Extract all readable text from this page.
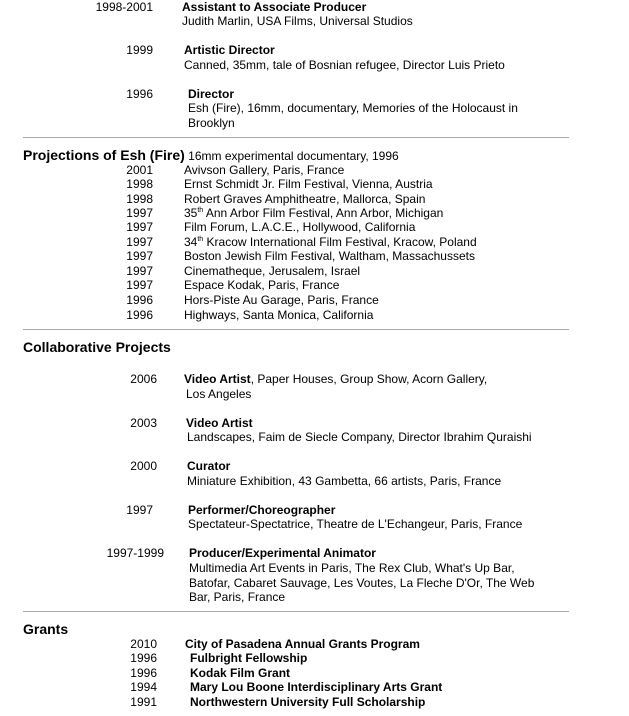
1998-2001 Assistant to Associate Producer
Judith Marlin, USA Films, Universal Studios
1999	Artistic Director
Canned, 35mm, tale of Bosnian refugee, Director Luis Prieto
1996	Director
Esh (Fire), 16mm, documentary, Memories of the Holocaust in
Brooklyn
Projections of Esh (Fire) 16mm experimental documentary, 1996
2001	Avivson Gallery, Paris, France
1998	Ernst Schmidt Jr. Film Festival, Vienna, Austria
1998	Robert Graves Amphitheatre, Mallorca, Spain
1997	35th Ann Arbor Film Festival, Ann Arbor, Michigan
1997	Film Forum, L.A.C.E., Hollywood, California
1997	34th Kracow International Film Festival, Kracow, Poland
1997	Boston Jewish Film Festival, Waltham, Massachussets
1997	Cinematheque, Jerusalem, Israel
1997	Espace Kodak, Paris, France
1996	Hors-Piste Au Garage, Paris, France
1996	Highways, Santa Monica, California
Collaborative Projects
2006 Video Artist, Paper Houses, Group Show, Acorn Gallery,
Los Angeles
2003 Video Artist
Landscapes, Faim de Siecle Company, Director Ibrahim Quraishi
2000	Curator
Miniature Exhibition, 43 Gambetta, 66 artists, Paris, France
1997	Performer/Choreographer
Spectateur-Spectatrice, Theatre de L'Echangeur, Paris, France
1997-1999 Producer/Experimental Animator
Multimedia Art Events in Paris, The Rex Club, What's Up Bar,
Batofar, Cabaret Sauvage, Les Voutes, La Fleche D'Or, The Web
Bar, Paris, France
Grants
2010 City of Pasadena Annual Grants Program
1996	Fulbright Fellowship
1996	Kodak Film Grant
1994	Mary Lou Boone Interdisciplinary Arts Grant
1991	Northwestern University Full Scholarship
